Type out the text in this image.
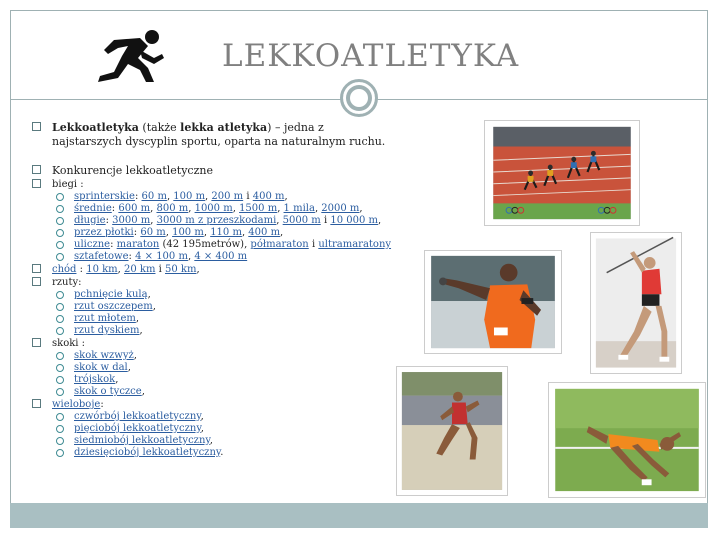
LEKKOATLETYKA
Lekkoatletyka (także lekka atletyka) – jedna z
najstarszych dyscyplin sportu, oparta na naturalnym ruchu.
Konkurencje lekkoatletyczne
biegi :
sprinterskie: 60 m, 100 m, 200 m i 400 m,
średnie: 600 m, 800 m, 1000 m, 1500 m, 1 mila, 2000 m,
długie: 3000 m, 3000 m z przeszkodami, 5000 m i 10 000 m,
przez płotki: 60 m, 100 m, 110 m, 400 m,
uliczne: maraton (42 195metrów), półmaraton i ultramaratony
sztafetowe: 4 × 100 m, 4 × 400 m
chód : 10 km, 20 km i 50 km,
rzuty:
pchnięcie kulą,
rzut oszczepem,
rzut młotem,
rzut dyskiem,
skoki :
skok wzwyż,
skok w dal,
trójskok,
skok o tyczce,
wieloboje:
czwórbój lekkoatletyczny,
pięciobój lekkoatletyczny,
siedmiobój lekkoatletyczny,
dziesięciobój lekkoatletyczny.
